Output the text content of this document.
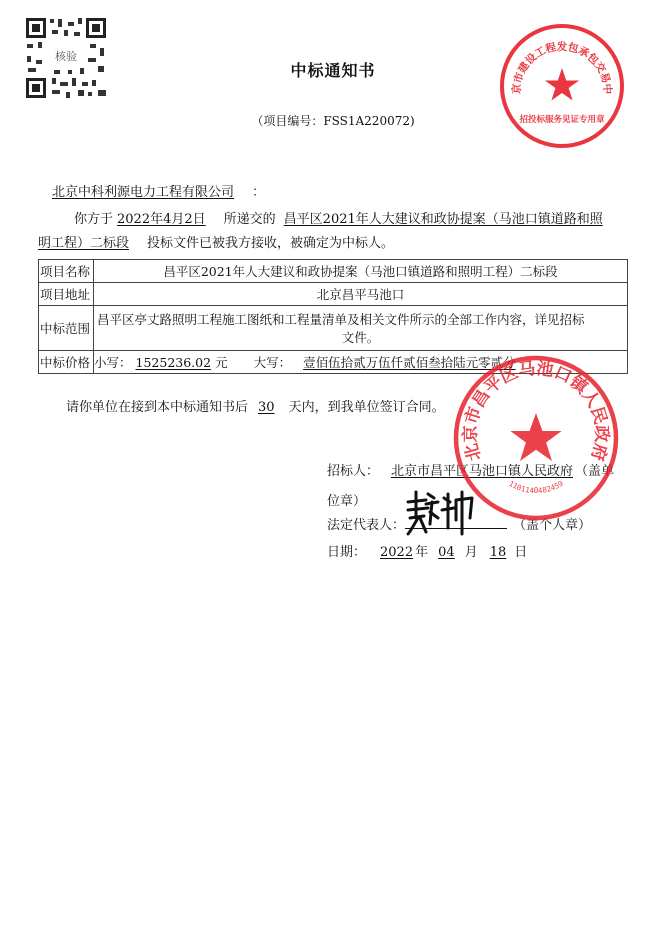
核验
中标通知书
（项目编号：FSS1A220072)
北京中科利源电力工程有限公司 ：
你方于 2022年4月2日 所递交的 昌平区2021年人大建议和政协提案（马池口镇道路和照
明工程）二标段 投标文件已被我方接收，被确定为中标人。
项目名称	昌平区2021年人大建议和政协提案（马池口镇道路和照明工程）二标段
项目地址	北京昌平马池口
中标范围	昌平区亭丈路照明工程施工图纸和工程量清单及相关文件所示的全部工作内容，详见招标
文件。

中标价格	小写： 1525236.02 元 大写： 壹佰伍拾贰万伍仟贰佰叁拾陆元零贰分
请你单位在接到本中标通知书后 30 天内，到我单位签订合同。
招标人： 北京市昌平区马池口镇人民政府 （盖单
位章）
法定代表人：	（盖个人章）
日期： 2022 年 04 月 18 日
京市建设工程发包承包交易中
招投标服务见证专用章
北京市昌平区马池口镇人民政府
1101140482459
